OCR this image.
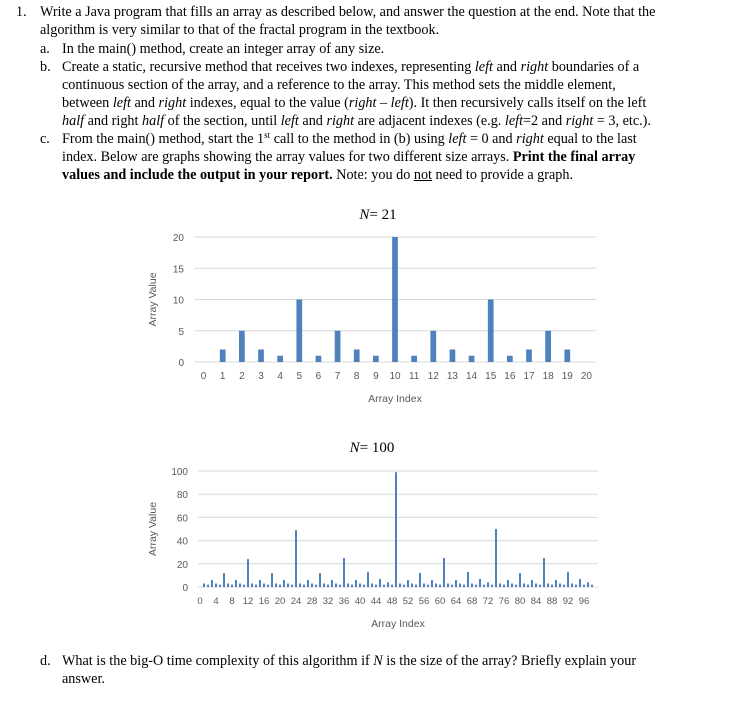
1. Write a Java program that fills an array as described below, and answer the question at the end. Note that the
algorithm is very similar to that of the fractal program in the textbook.
a. In the main() method, create an integer array of any size.
b. Create a static, recursive method that receives two indexes, representing left and right boundaries of a
continuous section of the array, and a reference to the array. This method sets the middle element,
between left and right indexes, equal to the value (right – left). It then recursively calls itself on the left
half and right half of the section, until left and right are adjacent indexes (e.g. left=2 and right = 3, etc.).
c. From the main() method, start the 1st call to the method in (b) using left = 0 and right equal to the last
index. Below are graphs showing the array values for two different size arrays. Print the final array
values and include the output in your report. Note: you do not need to provide a graph.
N= 21
0
5
10
15
20
0 1 2 3 4 5 6 7 8 9 10 11 12 13 14 15 16 17 18 19 20
Array Index
Array Value
N= 100
0
20
40
60
80
100
0 4 8 12 16 20 24 28 32 36 40 44 48 52 56 60 64 68 72 76 80 84 88 92 96
Array Index
Array Value
d. What is the big-O time complexity of this algorithm if N is the size of the array? Briefly explain your
answer.
